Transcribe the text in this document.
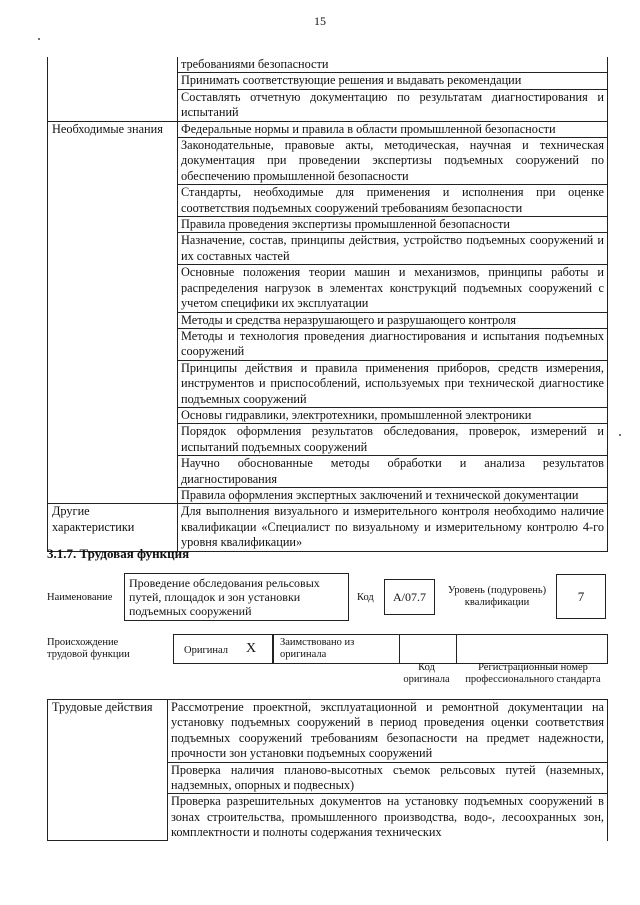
15
	требованиями безопасности
	Принимать соответствующие решения и выдавать рекомендации
	Составлять отчетную документацию по результатам диагностирования и испытаний
Необходимые знания	Федеральные нормы и правила в области промышленной безопасности
	Законодательные, правовые акты, методическая, научная и техническая документация при проведении экспертизы подъемных сооружений по обеспечению промышленной безопасности
	Стандарты, необходимые для применения и исполнения при оценке соответствия подъемных сооружений требованиям безопасности
	Правила проведения экспертизы промышленной безопасности
	Назначение, состав, принципы действия, устройство подъемных сооружений и их составных частей
	Основные положения теории машин и механизмов, принципы работы и распределения нагрузок в элементах конструкций подъемных сооружений с учетом специфики их эксплуатации
	Методы и средства неразрушающего и разрушающего контроля
	Методы и технология проведения диагностирования и испытания подъемных сооружений
	Принципы действия и правила применения приборов, средств измерения, инструментов и приспособлений, используемых при технической диагностике подъемных сооружений
	Основы гидравлики, электротехники, промышленной электроники
	Порядок оформления результатов обследования, проверок, измерений и испытаний подъемных сооружений
	Научно обоснованные методы обработки и анализа результатов диагностирования
	Правила оформления экспертных заключений и технической документации
Другие характеристики	Для выполнения визуального и измерительного контроля необходимо наличие квалификации «Специалист по визуальному и измерительному контролю 4-го уровня квалификации»
3.1.7. Трудовая функция
Наименование
Проведение обследования рельсовых путей, площадок и зон установки подъемных сооружений
Код	A/07.7	Уровень (подуровень) квалификации	7
Происхождение трудовой функции	Оригинал X Заимствовано из оригинала
Код оригинала
Регистрационный номер профессионального стандарта
Трудовые действия	Рассмотрение проектной, эксплуатационной и ремонтной документации на установку подъемных сооружений в период проведения оценки соответствия подъемных сооружений требованиям безопасности на предмет надежности, прочности зон установки подъемных сооружений
Проверка наличия планово-высотных съемок рельсовых путей (наземных, надземных, опорных и подвесных)
Проверка разрешительных документов на установку подъемных сооружений в зонах строительства, промышленного производства, водо-, лесоохранных зон, комплектности и полноты содержания технических
